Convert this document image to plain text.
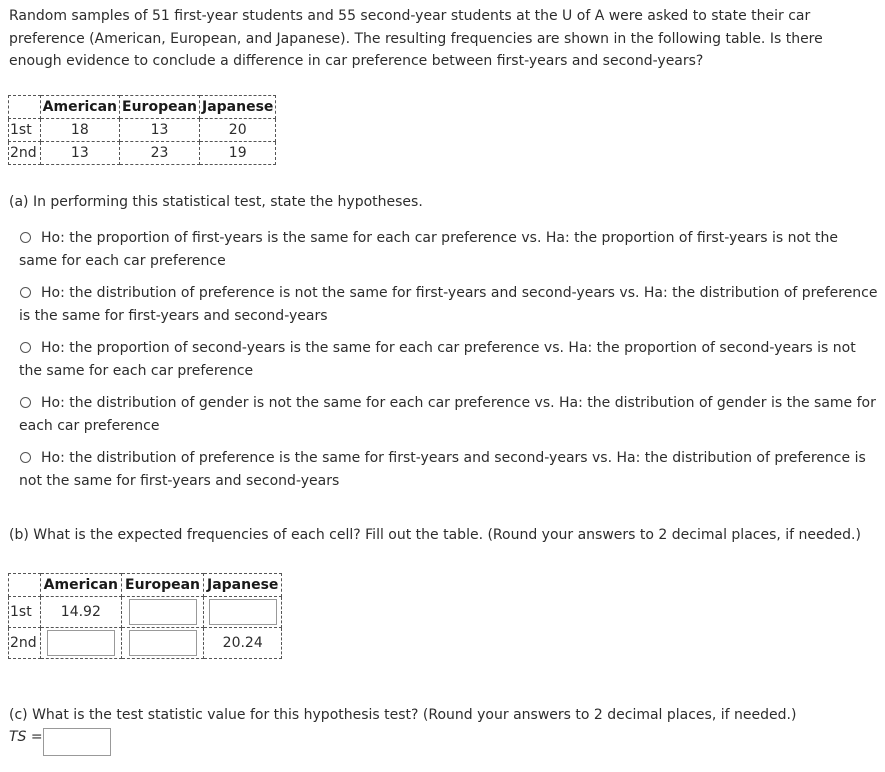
Random samples of 51 first-year students and 55 second-year students at the U of A were asked to state their car preference (American, European, and Japanese). The resulting frequencies are shown in the following table. Is there enough evidence to conclude a difference in car preference between first-years and second-years?
	American	European	Japanese
1st	18	13	20
2nd	13	23	19
(a) In performing this statistical test, state the hypotheses.
Ho: the proportion of first-years is the same for each car preference vs. Ha: the proportion of first-years is not the same for each car preference
Ho: the distribution of preference is not the same for first-years and second-years vs. Ha: the distribution of preference is the same for first-years and second-years
Ho: the proportion of second-years is the same for each car preference vs. Ha: the proportion of second-years is not the same for each car preference
Ho: the distribution of gender is not the same for each car preference vs. Ha: the distribution of gender is the same for each car preference
Ho: the distribution of preference is the same for first-years and second-years vs. Ha: the distribution of preference is not the same for first-years and second-years
(b) What is the expected frequencies of each cell? Fill out the table. (Round your answers to 2 decimal places, if needed.)
	American	European	Japanese
1st	14.92		
2nd			20.24
(c) What is the test statistic value for this hypothesis test? (Round your answers to 2 decimal places, if needed.)
TS =
